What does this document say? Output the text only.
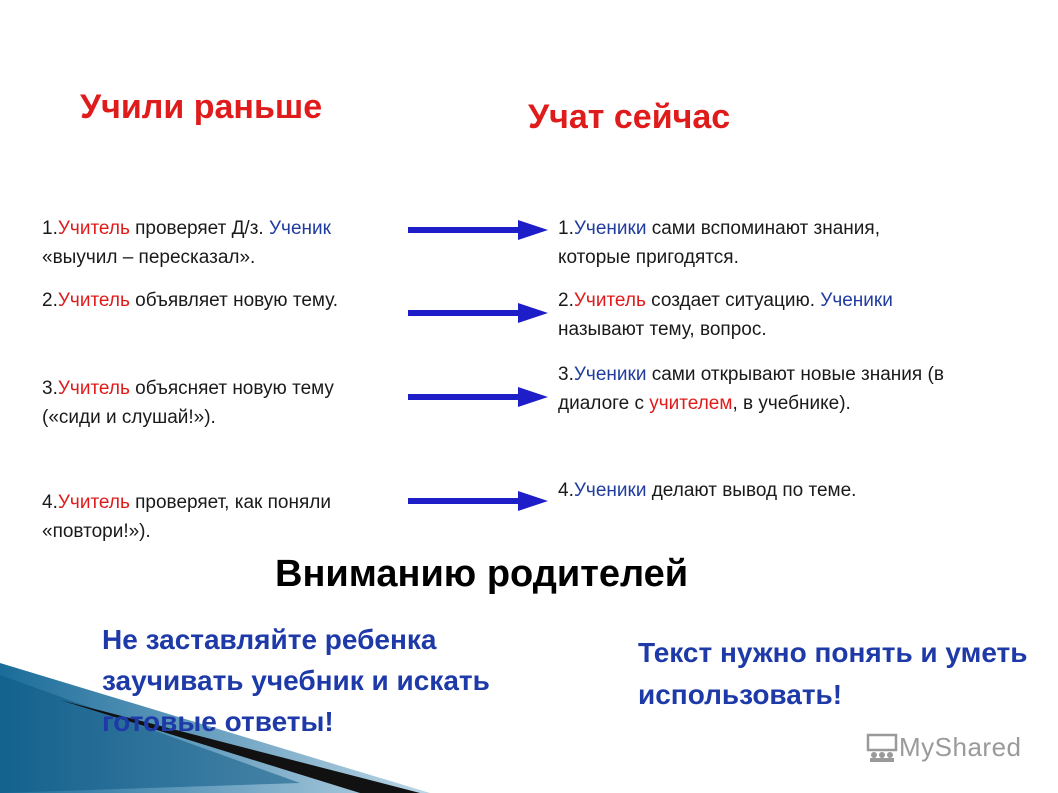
Учили раньше	Учат сейчас
1.Учитель проверяет Д/з. Ученик
«выучил – пересказал».
2.Учитель объявляет новую тему.
3.Учитель объясняет новую тему
(«сиди и слушай!»).
4.Учитель проверяет, как поняли
«повтори!»).
1.Ученики сами вспоминают знания,
которые пригодятся.
2.Учитель создает ситуацию. Ученики
называют тему, вопрос.
3.Ученики сами открывают новые знания (в
диалоге с учителем, в учебнике).
4.Ученики делают вывод по теме.
Вниманию родителей
Не заставляйте ребенка заучивать учебник и искать готовые ответы!
Текст нужно понять и уметь использовать!
MyShared
